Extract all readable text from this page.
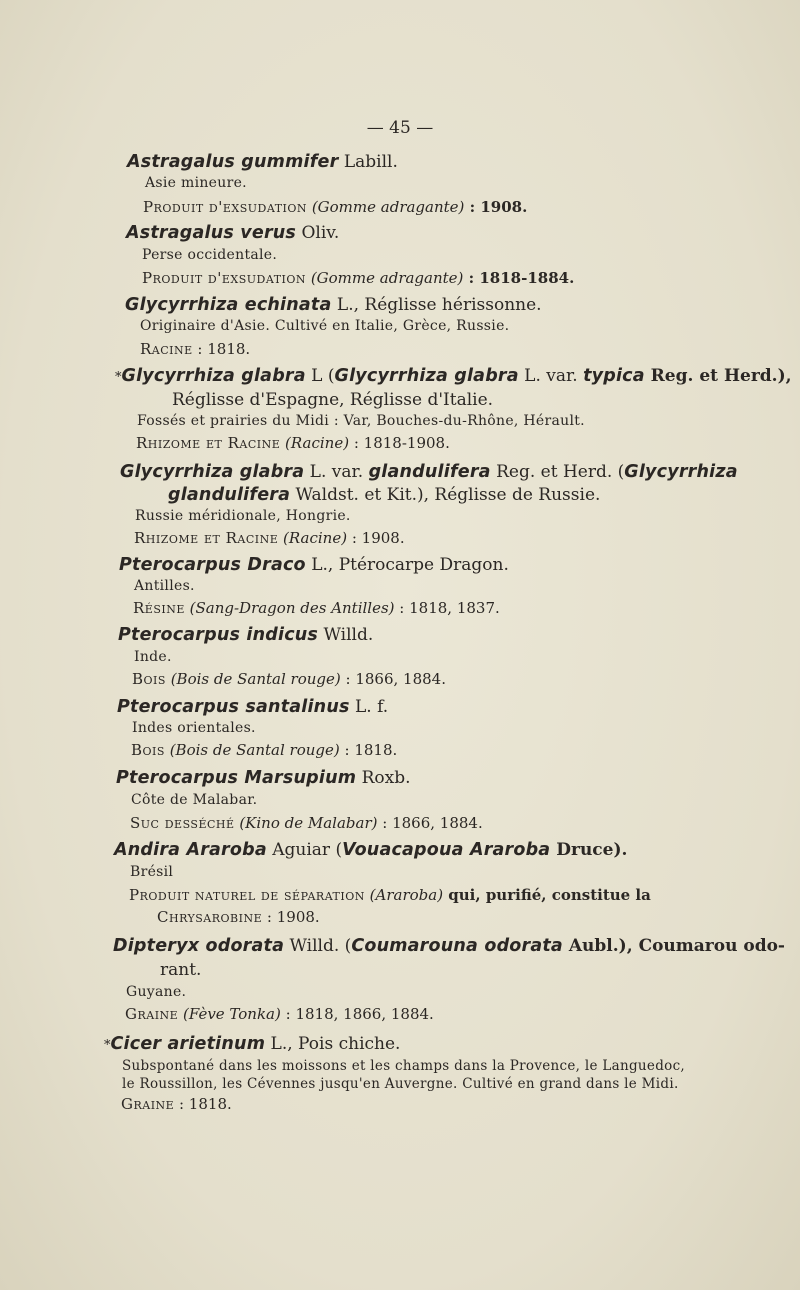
— 45 —
Astragalus gummifer Labill.
Asie mineure.
Produit d'exsudation (Gomme adragante) : 1908.
Astragalus verus Oliv.
Perse occidentale.
Produit d'exsudation (Gomme adragante) : 1818-1884.
Glycyrrhiza echinata L., Réglisse hérissonne.
Originaire d'Asie. Cultivé en Italie, Grèce, Russie.
Racine : 1818.
*Glycyrrhiza glabra L (Glycyrrhiza glabra L. var. typica Reg. et Herd.),
Réglisse d'Espagne, Réglisse d'Italie.
Fossés et prairies du Midi : Var, Bouches-du-Rhône, Hérault.
Rhizome et Racine (Racine) : 1818-1908.
Glycyrrhiza glabra L. var. glandulifera Reg. et Herd. (Glycyrrhiza
glandulifera Waldst. et Kit.), Réglisse de Russie.
Russie méridionale, Hongrie.
Rhizome et Racine (Racine) : 1908.
Pterocarpus Draco L., Ptérocarpe Dragon.
Antilles.
Résine (Sang-Dragon des Antilles) : 1818, 1837.
Pterocarpus indicus Willd.
Inde.
Bois (Bois de Santal rouge) : 1866, 1884.
Pterocarpus santalinus L. f.
Indes orientales.
Bois (Bois de Santal rouge) : 1818.
Pterocarpus Marsupium Roxb.
Côte de Malabar.
Suc desséché (Kino de Malabar) : 1866, 1884.
Andira Araroba Aguiar (Vouacapoua Araroba Druce).
Brésil
Produit naturel de séparation (Araroba) qui, purifié, constitue la
Chrysarobine : 1908.
Dipteryx odorata Willd. (Coumarouna odorata Aubl.), Coumarou odo-
rant.
Guyane.
Graine (Fève Tonka) : 1818, 1866, 1884.
*Cicer arietinum L., Pois chiche.
Subspontané dans les moissons et les champs dans la Provence, le Languedoc,
le Roussillon, les Cévennes jusqu'en Auvergne. Cultivé en grand dans le Midi.
Graine : 1818.
